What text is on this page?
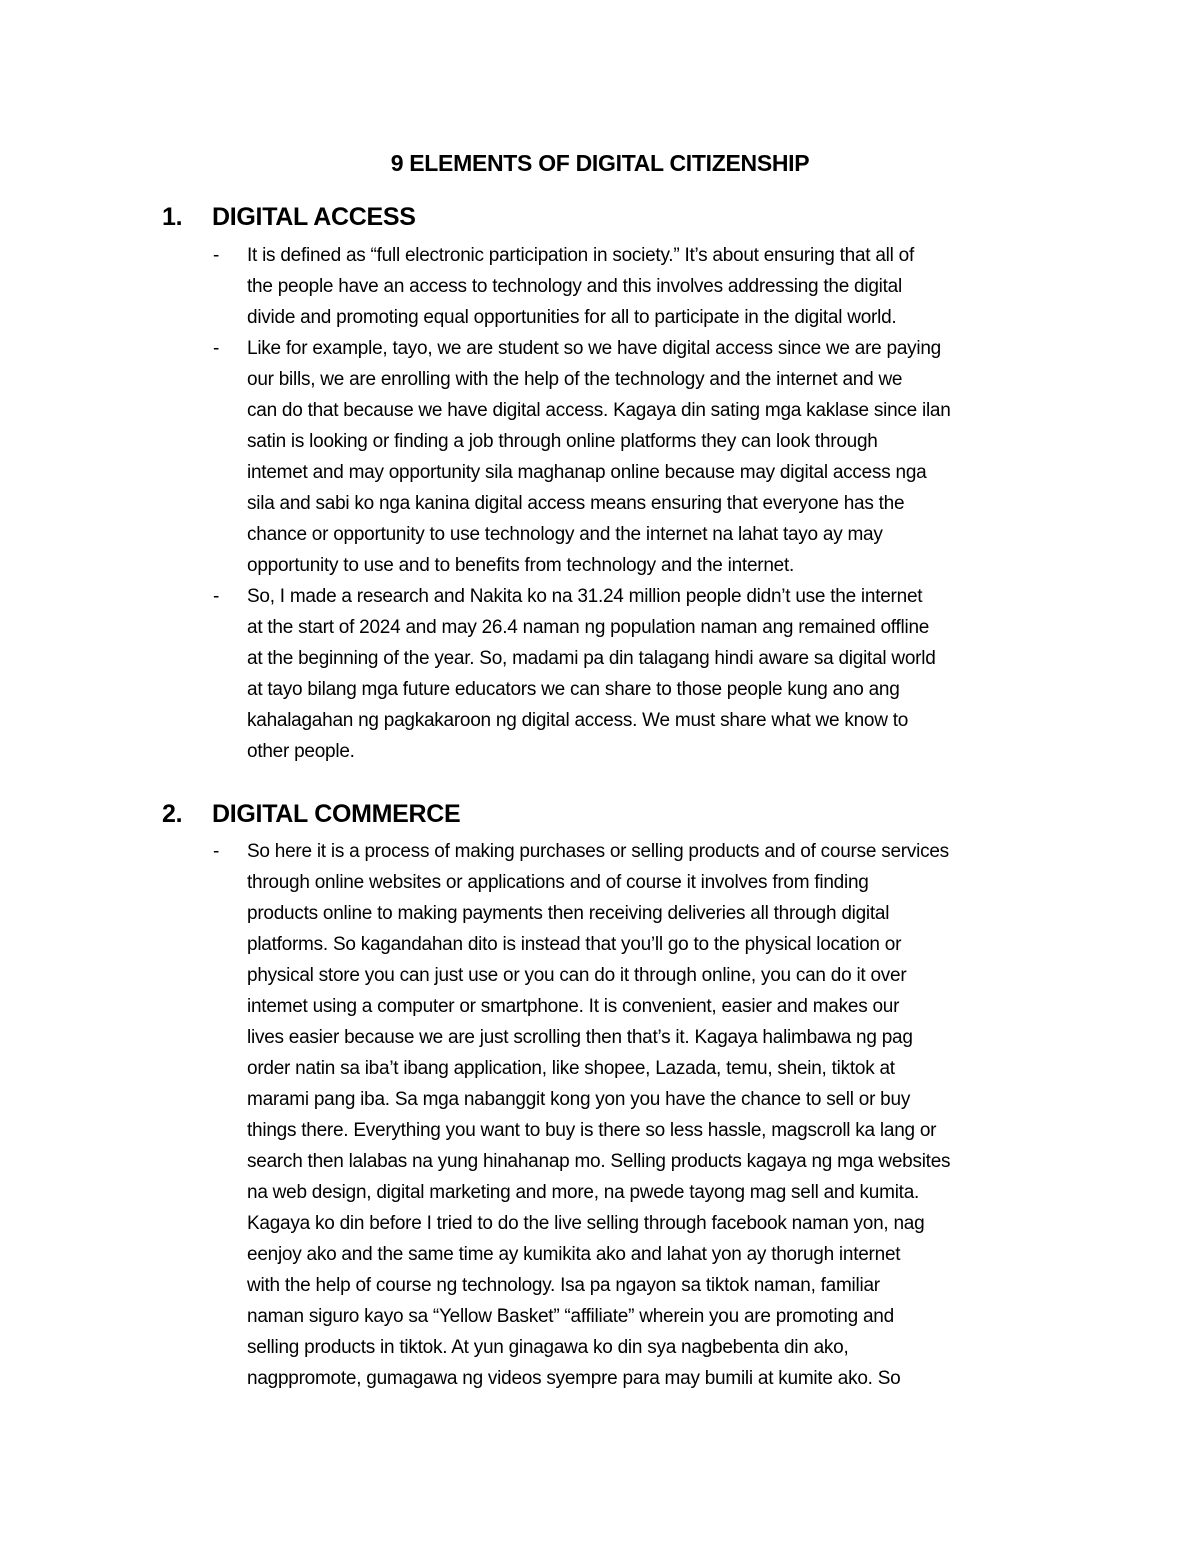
9 ELEMENTS OF DIGITAL CITIZENSHIP
1. DIGITAL ACCESS
- It is defined as “full electronic participation in society.” It’s about ensuring that all of
the people have an access to technology and this involves addressing the digital
divide and promoting equal opportunities for all to participate in the digital world.
- Like for example, tayo, we are student so we have digital access since we are paying
our bills, we are enrolling with the help of the technology and the internet and we
can do that because we have digital access. Kagaya din sating mga kaklase since ilan
satin is looking or finding a job through online platforms they can look through
intemet and may opportunity sila maghanap online because may digital access nga
sila and sabi ko nga kanina digital access means ensuring that everyone has the
chance or opportunity to use technology and the internet na lahat tayo ay may
opportunity to use and to benefits from technology and the internet.
- So, I made a research and Nakita ko na 31.24 million people didn’t use the internet
at the start of 2024 and may 26.4 naman ng population naman ang remained offline
at the beginning of the year. So, madami pa din talagang hindi aware sa digital world
at tayo bilang mga future educators we can share to those people kung ano ang
kahalagahan ng pagkakaroon ng digital access. We must share what we know to
other people.
2. DIGITAL COMMERCE
- So here it is a process of making purchases or selling products and of course services
through online websites or applications and of course it involves from finding
products online to making payments then receiving deliveries all through digital
platforms. So kagandahan dito is instead that you’ll go to the physical location or
physical store you can just use or you can do it through online, you can do it over
intemet using a computer or smartphone. It is convenient, easier and makes our
lives easier because we are just scrolling then that’s it. Kagaya halimbawa ng pag
order natin sa iba’t ibang application, like shopee, Lazada, temu, shein, tiktok at
marami pang iba. Sa mga nabanggit kong yon you have the chance to sell or buy
things there. Everything you want to buy is there so less hassle, magscroll ka lang or
search then lalabas na yung hinahanap mo. Selling products kagaya ng mga websites
na web design, digital marketing and more, na pwede tayong mag sell and kumita.
Kagaya ko din before I tried to do the live selling through facebook naman yon, nag
eenjoy ako and the same time ay kumikita ako and lahat yon ay thorugh internet
with the help of course ng technology. Isa pa ngayon sa tiktok naman, familiar
naman siguro kayo sa “Yellow Basket” “affiliate” wherein you are promoting and
selling products in tiktok. At yun ginagawa ko din sya nagbebenta din ako,
nagppromote, gumagawa ng videos syempre para may bumili at kumite ako. So
